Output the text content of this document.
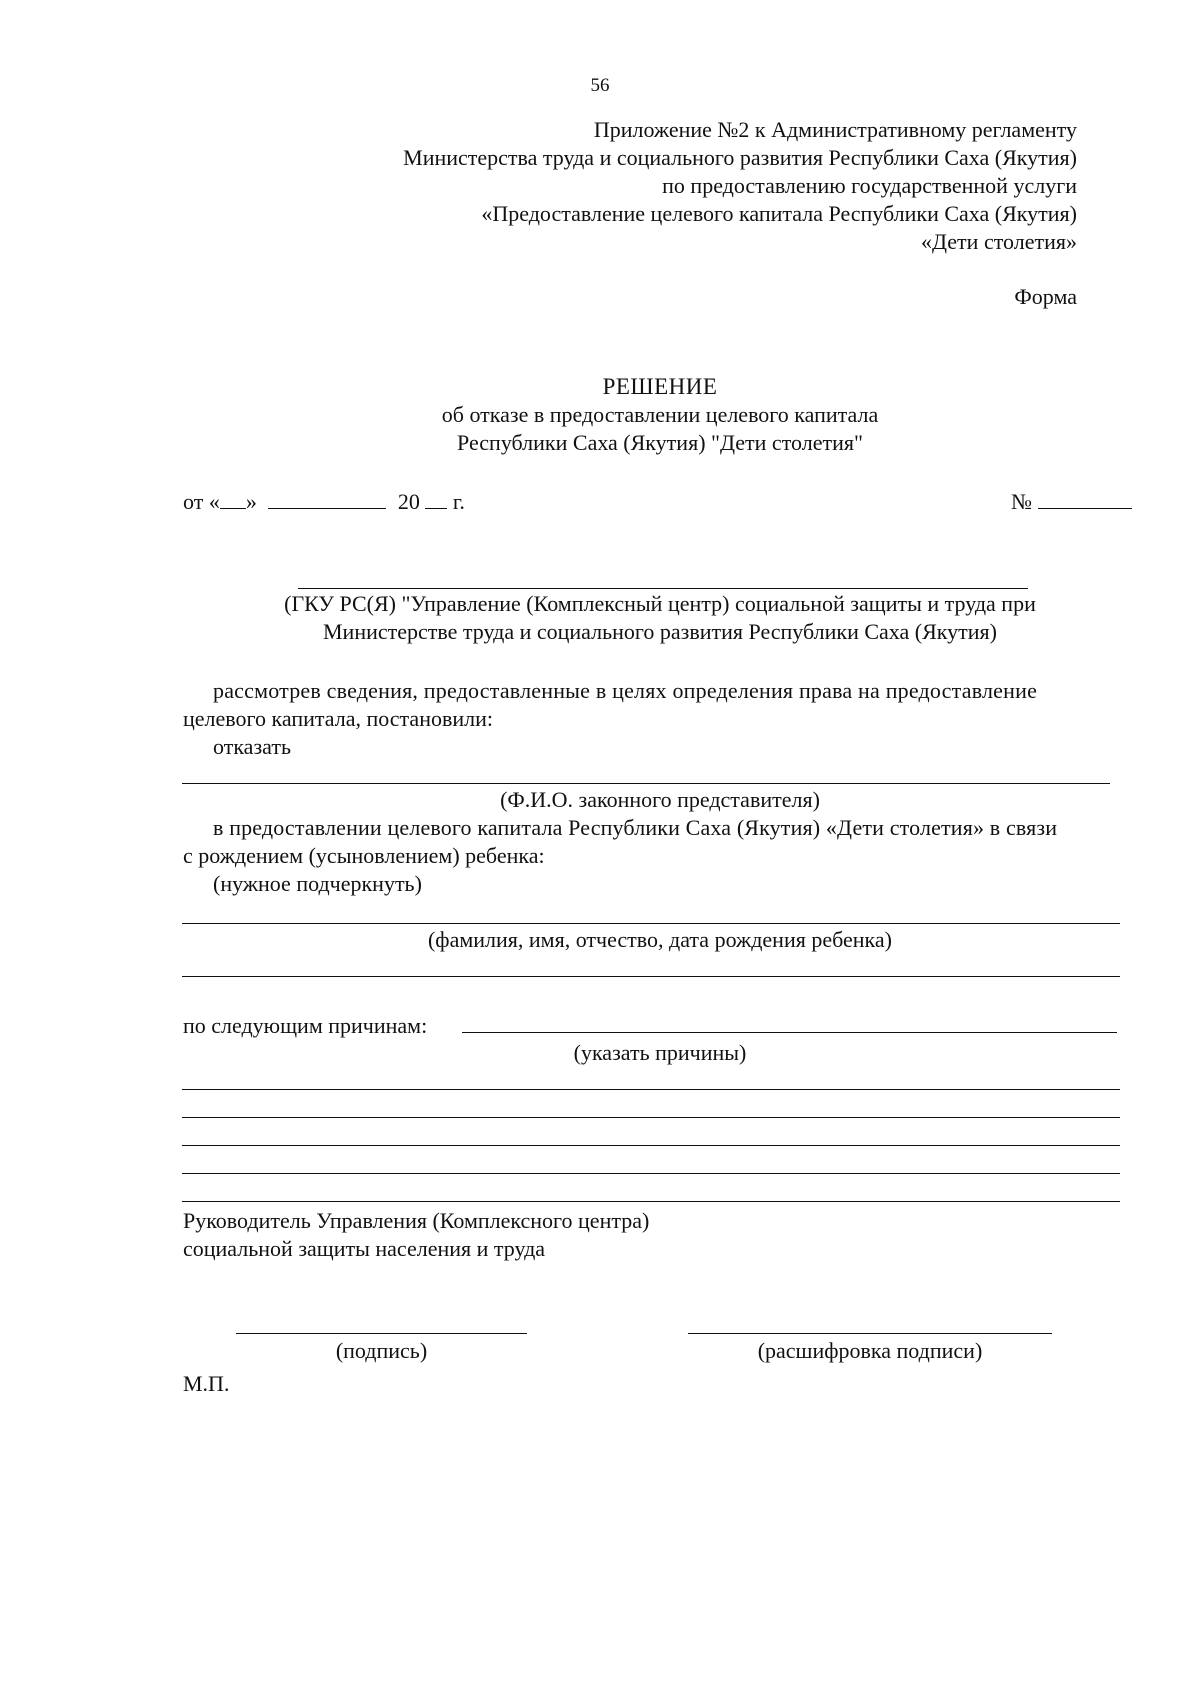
56
Приложение №2 к Административному регламенту
Министерства труда и социального развития Республики Саха (Якутия)
по предоставлению государственной услуги
«Предоставление целевого капитала Республики Саха (Якутия)
«Дети столетия»
Форма
РЕШЕНИЕ
об отказе в предоставлении целевого капитала
Республики Саха (Якутия) "Дети столетия"
от « »	20 г.	№
(ГКУ РС(Я) "Управление (Комплексный центр) социальной защиты и труда при
Министерстве труда и социального развития Республики Саха (Якутия)
рассмотрев сведения, предоставленные в целях определения права на предоставление
целевого капитала, постановили:
отказать
(Ф.И.О. законного представителя)
в предоставлении целевого капитала Республики Саха (Якутия) «Дети столетия» в связи
с рождением (усыновлением) ребенка:
(нужное подчеркнуть)
(фамилия, имя, отчество, дата рождения ребенка)
по следующим причинам:
(указать причины)
Руководитель Управления (Комплексного центра)
социальной защиты населения и труда
(подпись)	(расшифровка подписи)
М.П.
